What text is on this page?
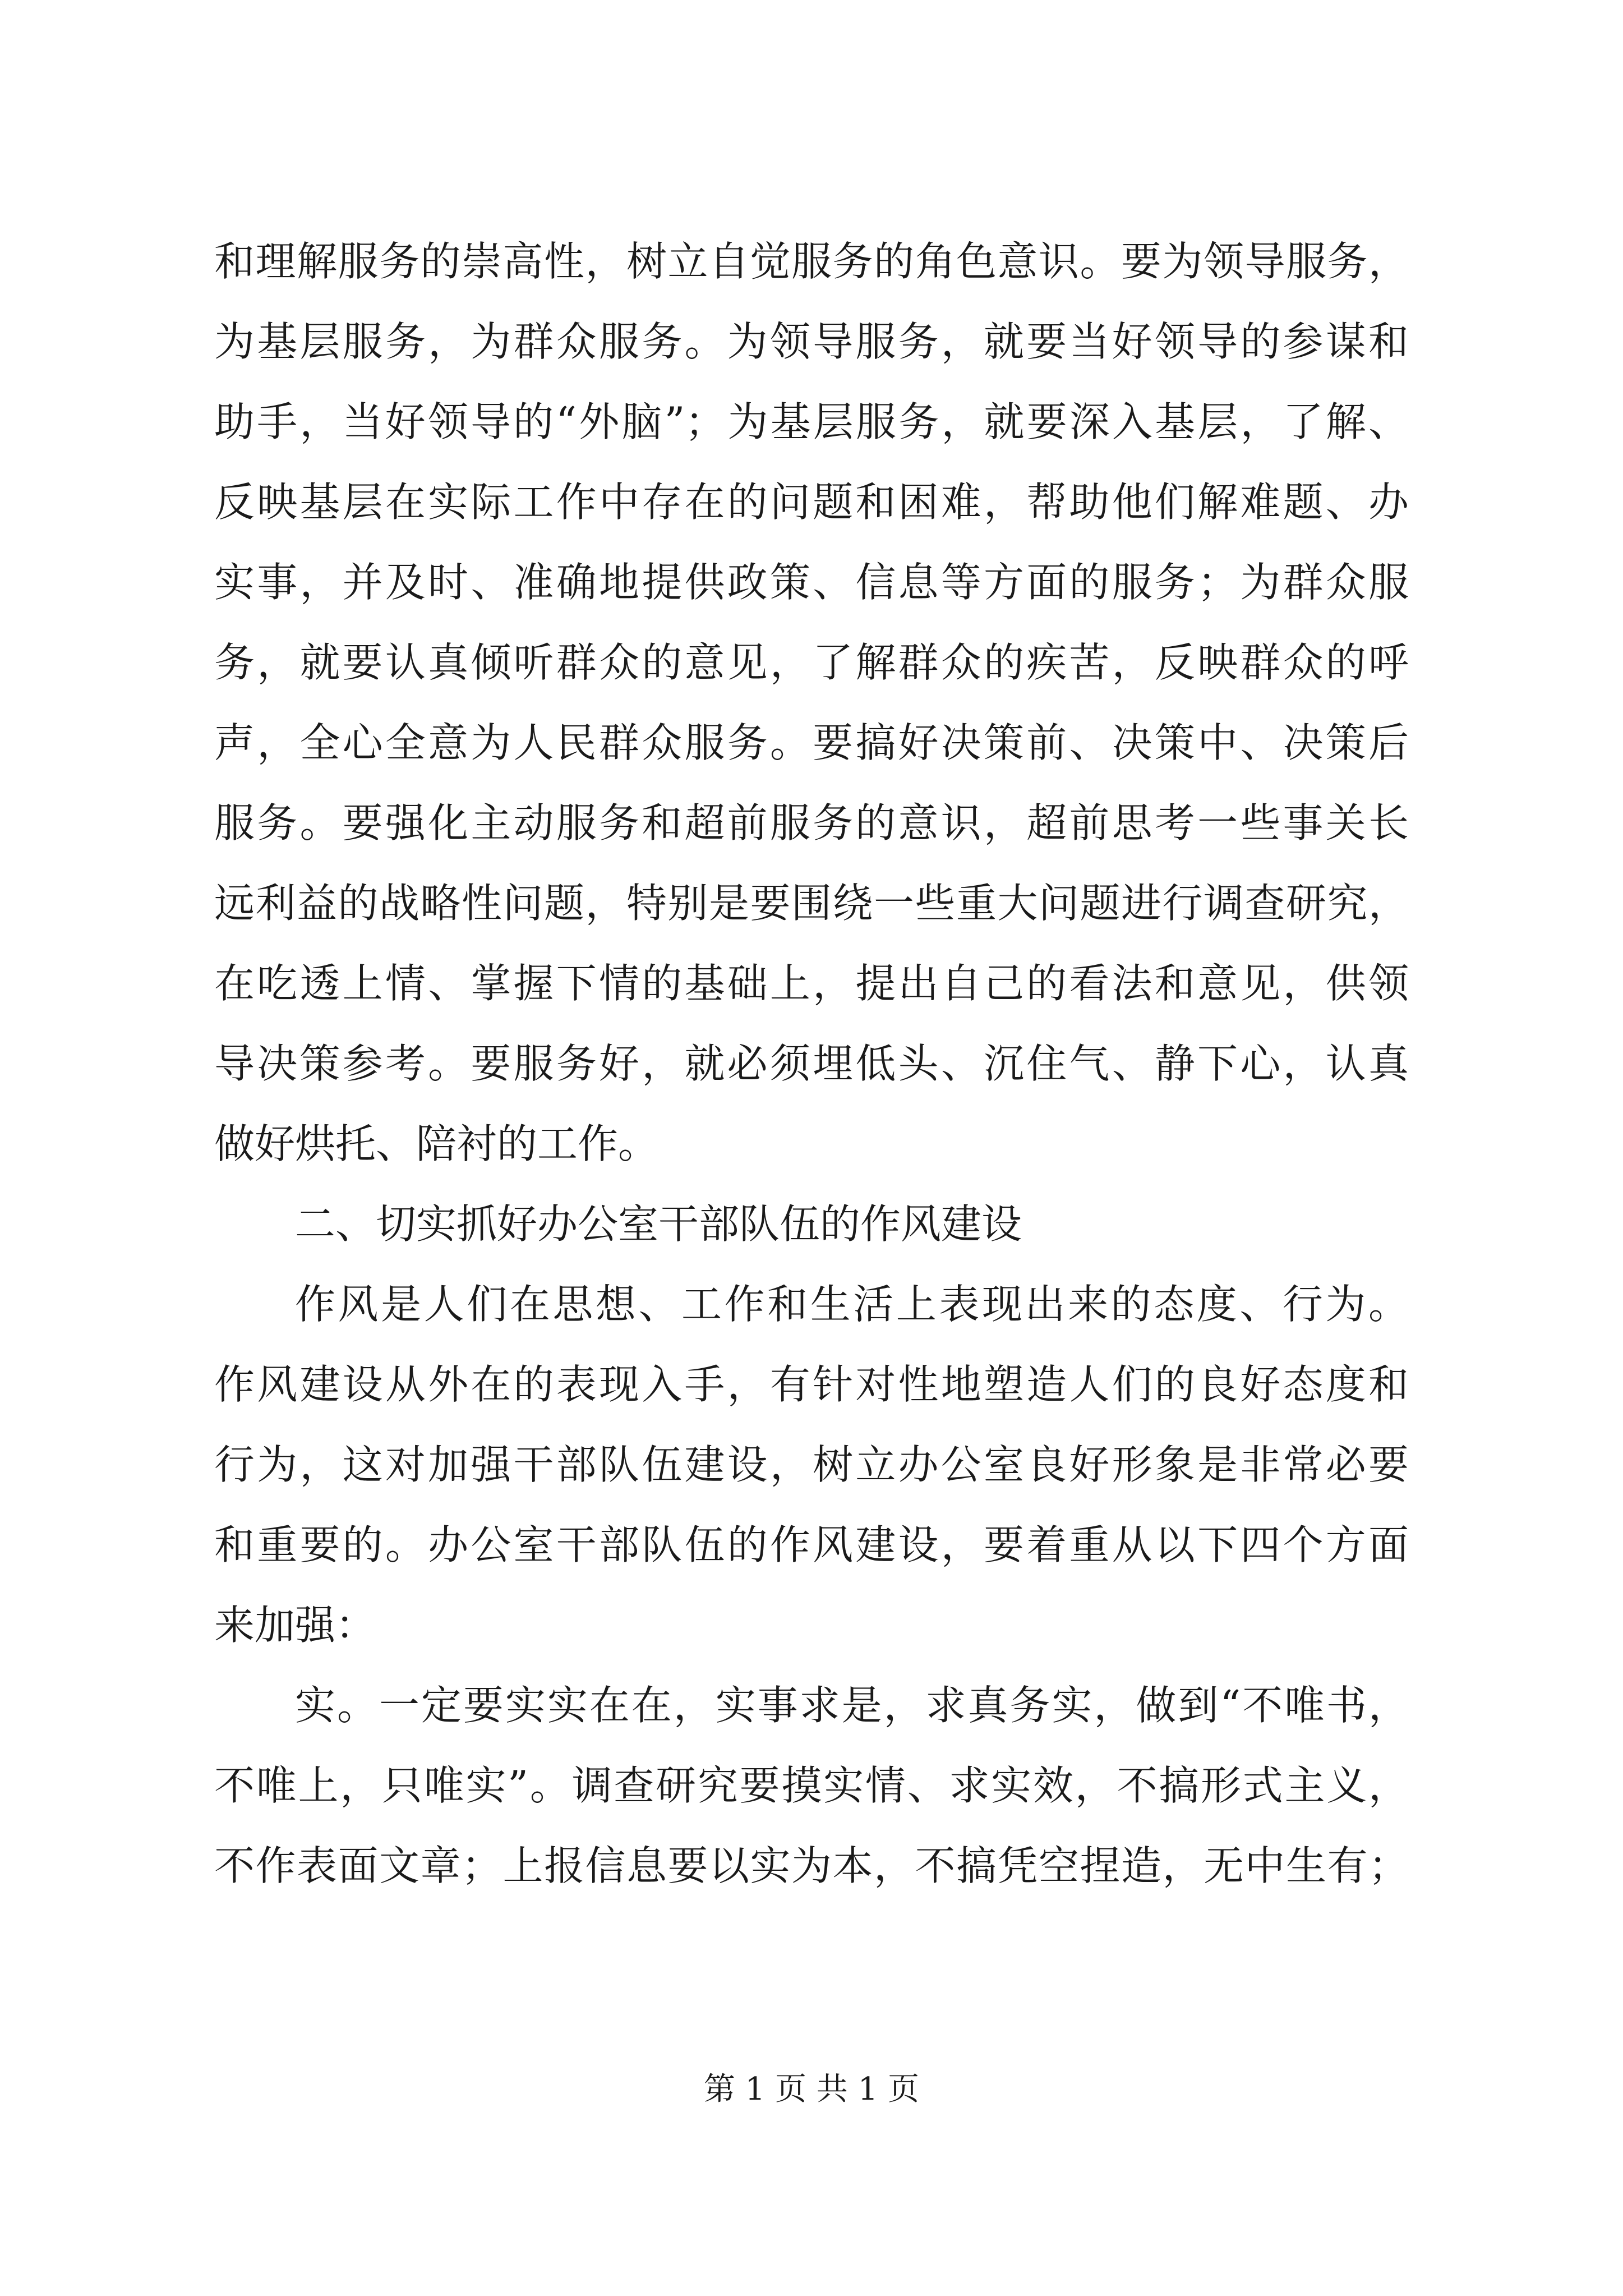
和理解服务的崇高性，树立自觉服务的角色意识。要为领导服务，
为基层服务，为群众服务。为领导服务，就要当好领导的参谋和
助手，当好领导的“外脑”；为基层服务，就要深入基层，了解、
反映基层在实际工作中存在的问题和困难，帮助他们解难题、办
实事，并及时、准确地提供政策、信息等方面的服务；为群众服
务，就要认真倾听群众的意见，了解群众的疾苦，反映群众的呼
声，全心全意为人民群众服务。要搞好决策前、决策中、决策后
服务。要强化主动服务和超前服务的意识，超前思考一些事关长
远利益的战略性问题，特别是要围绕一些重大问题进行调查研究，
在吃透上情、掌握下情的基础上，提出自己的看法和意见，供领
导决策参考。要服务好，就必须埋低头、沉住气、静下心，认真
做好烘托、陪衬的工作。
二、切实抓好办公室干部队伍的作风建设
作风是人们在思想、工作和生活上表现出来的态度、行为。
作风建设从外在的表现入手，有针对性地塑造人们的良好态度和
行为，这对加强干部队伍建设，树立办公室良好形象是非常必要
和重要的。办公室干部队伍的作风建设，要着重从以下四个方面
来加强：
实。一定要实实在在，实事求是，求真务实，做到“不唯书，
不唯上，只唯实”。调查研究要摸实情、求实效，不搞形式主义，
不作表面文章；上报信息要以实为本，不搞凭空捏造，无中生有；
第 1 页 共 1 页
